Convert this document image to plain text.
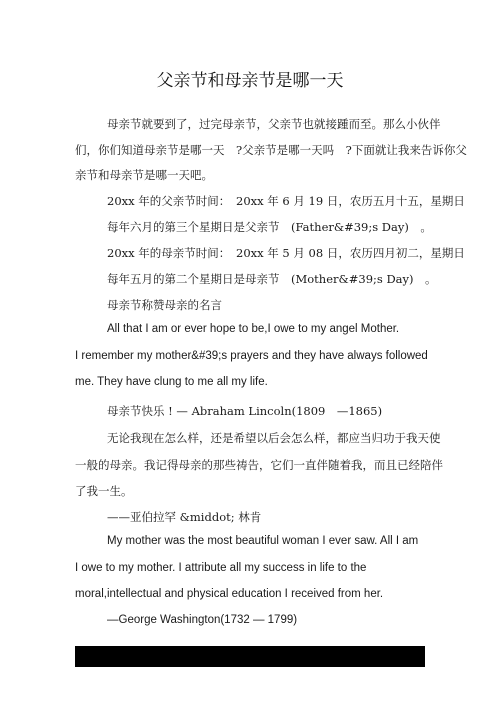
父亲节和母亲节是哪一天
母亲节就要到了，过完母亲节，父亲节也就接踵而至。那么小伙伴
们，你们知道母亲节是哪一天　?父亲节是哪一天吗　?下面就让我来告诉你父
亲节和母亲节是哪一天吧。
20xx 年的父亲节时间：　20xx 年 6 月 19 日，农历五月十五，星期日
每年六月的第三个星期日是父亲节　(Father&#39;s Day)　。
20xx 年的母亲节时间：　20xx 年 5 月 08 日，农历四月初二，星期日
每年五月的第二个星期日是母亲节　(Mother&#39;s Day)　。
母亲节称赞母亲的名言
All that I am or ever hope to be,I owe to my angel Mother.
I remember my mother&#39;s prayers and they have always followed
me. They have clung to me all my life.
母亲节快乐 ! — Abraham Lincoln(1809　—1865)
无论我现在怎么样，还是希望以后会怎么样，都应当归功于我天使
一般的母亲。我记得母亲的那些祷告，它们一直伴随着我，而且已经陪伴
了我一生。
——亚伯拉罕 &middot; 林肯
My mother was the most beautiful woman I ever saw. All I am
I owe to my mother. I attribute all my success in life to the
moral,intellectual and physical education I received from her.
—George Washington(1732 — 1799)
